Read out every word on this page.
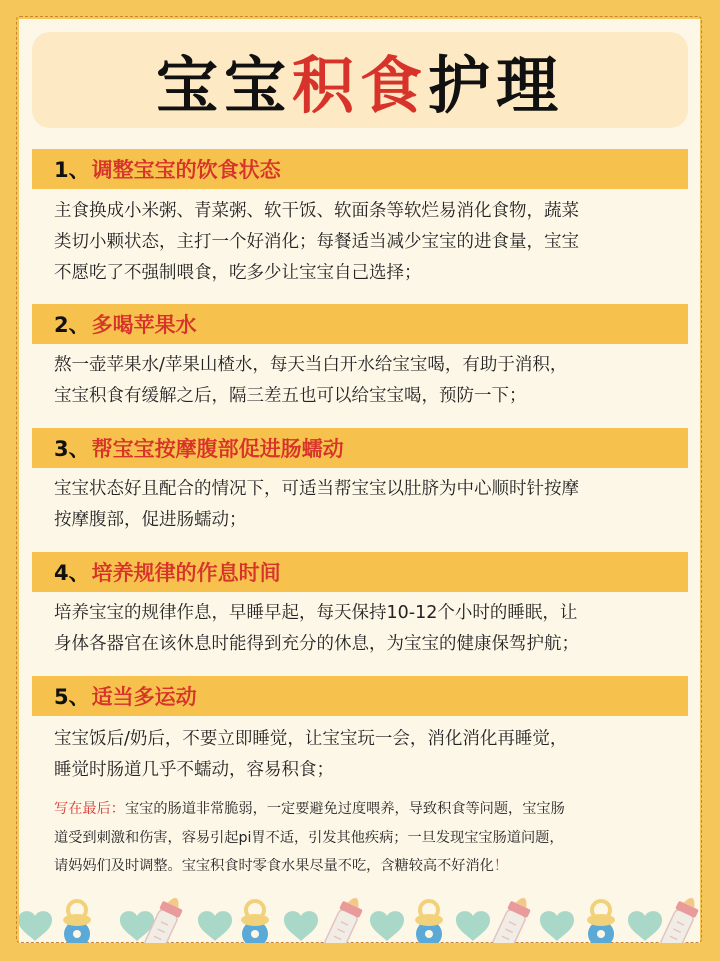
宝宝 积食 护理
1、 调整宝宝的饮食状态
主食换成小米粥、青菜粥、软干饭、软面条等软烂易消化食物，蔬菜
类切小颗状态，主打一个好消化；每餐适当减少宝宝的进食量，宝宝
不愿吃了不强制喂食，吃多少让宝宝自己选择；
2、 多喝苹果水
熬一壶苹果水/苹果山楂水，每天当白开水给宝宝喝，有助于消积，
宝宝积食有缓解之后，隔三差五也可以给宝宝喝，预防一下；
3、 帮宝宝按摩腹部促进肠蠕动
宝宝状态好且配合的情况下，可适当帮宝宝以肚脐为中心顺时针按摩
按摩腹部，促进肠蠕动；
4、 培养规律的作息时间
培养宝宝的规律作息，早睡早起，每天保持10-12个小时的睡眠，让
身体各器官在该休息时能得到充分的休息，为宝宝的健康保驾护航；
5、 适当多运动
宝宝饭后/奶后，不要立即睡觉，让宝宝玩一会，消化消化再睡觉，
睡觉时肠道几乎不蠕动，容易积食；
写在最后：宝宝的肠道非常脆弱，一定要避免过度喂养，导致积食等问题，宝宝肠
道受到刺激和伤害，容易引起pi胃不适，引发其他疾病；一旦发现宝宝肠道问题，
请妈妈们及时调整。宝宝积食时零食水果尽量不吃，含糖较高不好消化！
